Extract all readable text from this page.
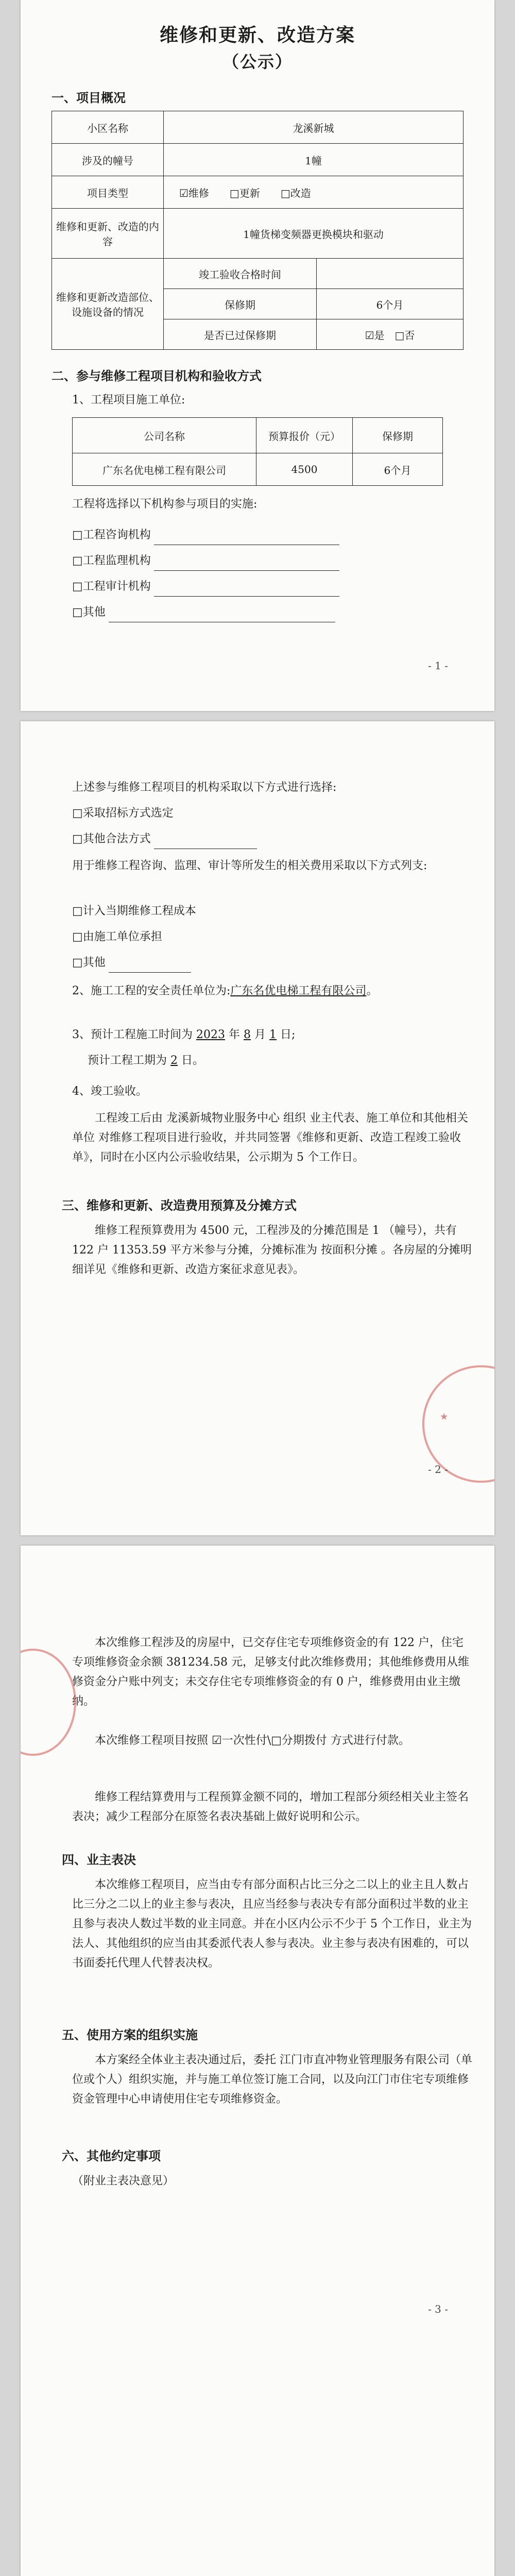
维修和更新、改造方案
（公示）
一、项目概况
小区名称	龙溪新城	
涉及的幢号	1幢	
项目类型	☑维修　　□更新　　□改造	
维修和更新、改造的内容	1幢货梯变频器更换模块和驱动	
维修和更新改造部位、设施设备的情况	竣工验收合格时间	
	保修期	6个月
	是否已过保修期	☑是　□否
二、参与维修工程项目机构和验收方式
1、工程项目施工单位:
公司名称	预算报价（元）	保修期
广东名优电梯工程有限公司	4500	6个月
工程将选择以下机构参与项目的实施:
□工程咨询机构
□工程监理机构
□工程审计机构
□其他
- 1 -
上述参与维修工程项目的机构采取以下方式进行选择:
□采取招标方式选定
□其他合法方式
用于维修工程咨询、监理、审计等所发生的相关费用采取以下方式列支:
□计入当期维修工程成本
□由施工单位承担
□其他
2、施工工程的安全责任单位为:广东名优电梯工程有限公司。
3、预计工程施工时间为 2023 年 8 月 1 日;
预计工程工期为 2 日。
4、竣工验收。
工程竣工后由 龙溪新城物业服务中心 组织 业主代表、施工单位和其他相关单位 对维修工程项目进行验收，并共同签署《维修和更新、改造工程竣工验收单》，同时在小区内公示验收结果，公示期为 5 个工作日。
三、维修和更新、改造费用预算及分摊方式
维修工程预算费用为 4500 元，工程涉及的分摊范围是 1 （幢号），共有 122 户 11353.59 平方米参与分摊，分摊标准为 按面积分摊 。各房屋的分摊明细详见《维修和更新、改造方案征求意见表》。
★
- 2 -
本次维修工程涉及的房屋中，已交存住宅专项维修资金的有 122 户，住宅专项维修资金余额 381234.58 元，足够支付此次维修费用；其他维修费用从维修资金分户账中列支；未交存住宅专项维修资金的有 0 户，维修费用由业主缴纳。
本次维修工程项目按照 ☑一次性付\□分期拨付 方式进行付款。
维修工程结算费用与工程预算金额不同的，增加工程部分须经相关业主签名表决；减少工程部分在原签名表决基础上做好说明和公示。
四、业主表决
本次维修工程项目，应当由专有部分面积占比三分之二以上的业主且人数占比三分之二以上的业主参与表决，且应当经参与表决专有部分面积过半数的业主且参与表决人数过半数的业主同意。并在小区内公示不少于 5 个工作日，业主为法人、其他组织的应当由其委派代表人参与表决。业主参与表决有困难的，可以书面委托代理人代替表决权。
五、使用方案的组织实施
本方案经全体业主表决通过后，委托 江门市直冲物业管理服务有限公司（单位或个人）组织实施，并与施工单位签订施工合同，以及向江门市住宅专项维修资金管理中心申请使用住宅专项维修资金。
六、其他约定事项
（附业主表决意见）
- 3 -
